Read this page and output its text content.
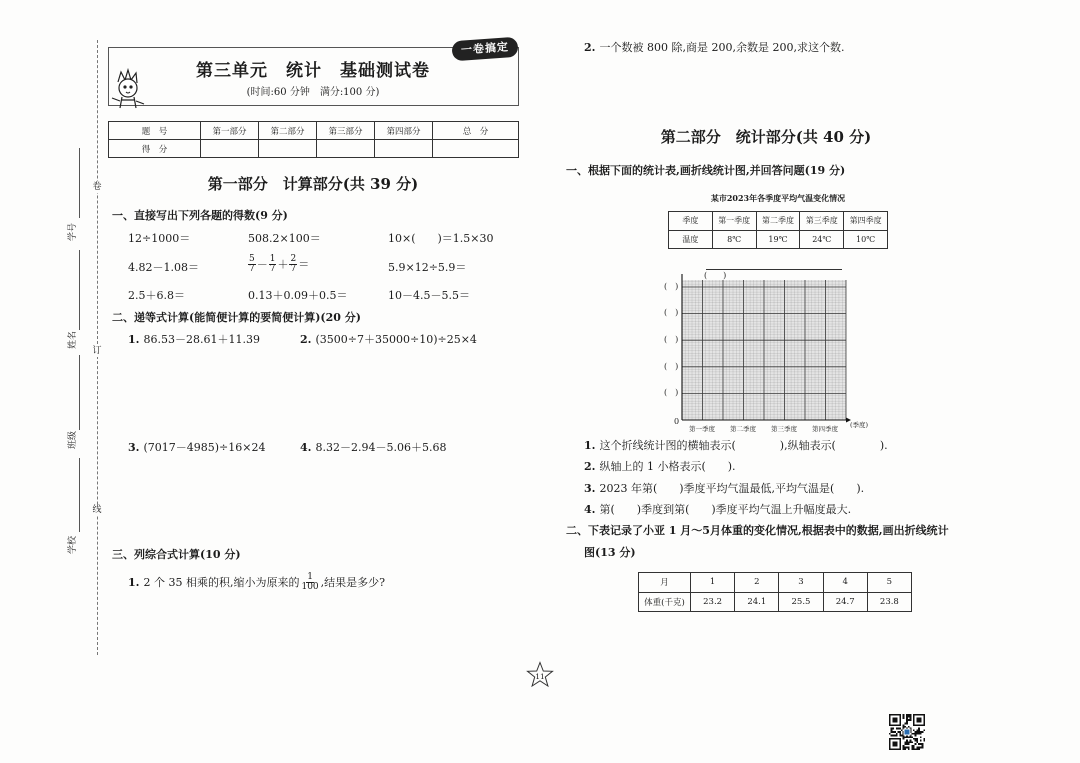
学号
姓名
班级
学校
卷
订
线
一卷搞定
第三单元　统计　基础测试卷
(时间:60 分钟　满分:100 分)
题　号	第一部分	第二部分	第三部分	第四部分	总　分
得　分					
第一部分　计算部分(共 39 分)
一、直接写出下列各题的得数(9 分)
12÷1000＝	508.2×100＝	10×(　　)＝1.5×30
4.82－1.08＝	$\frac{5}{7} - \frac{1}{7} + \frac{2}{7}$ ＝	5.9×12÷5.9＝
2.5＋6.8＝	0.13＋0.09＋0.5＝	10－4.5－5.5＝
二、递等式计算(能简便计算的要简便计算)(20 分)
1. 86.53－28.61＋11.39	2. (3500÷7＋35000÷10)÷25×4
3. (7017－4985)÷16×24	4. 8.32－2.94－5.06＋5.68
三、列综合式计算(10 分)
1. 2 个 35 相乘的积,缩小为原来的 $\frac{1}{100}$ ,结果是多少?
2. 一个数被 800 除,商是 200,余数是 200,求这个数.
第二部分　统计部分(共 40 分)
一、根据下面的统计表,画折线统计图,并回答问题(19 分)
某市2023年各季度平均气温变化情况
季度	第一季度	第二季度	第三季度	第四季度
温度	8℃	19℃	24℃	10℃
(　　)
(　)
(　)
(　)
(　)
(　)
0
第一季度	第二季度	第三季度	第四季度	(季度)
1. 这个折线统计图的横轴表示(　　　　),纵轴表示(　　　　).
2. 纵轴上的 1 小格表示(　　).
3. 2023 年第(　　)季度平均气温最低,平均气温是(　　).
4. 第(　　)季度到第(　　)季度平均气温上升幅度最大.
二、下表记录了小亚 1 月～5月体重的变化情况,根据表中的数据,画出折线统计
图(13 分)
月	1	2	3	4	5
体重(千克)	23.2	24.1	25.5	24.7	23.8
11
